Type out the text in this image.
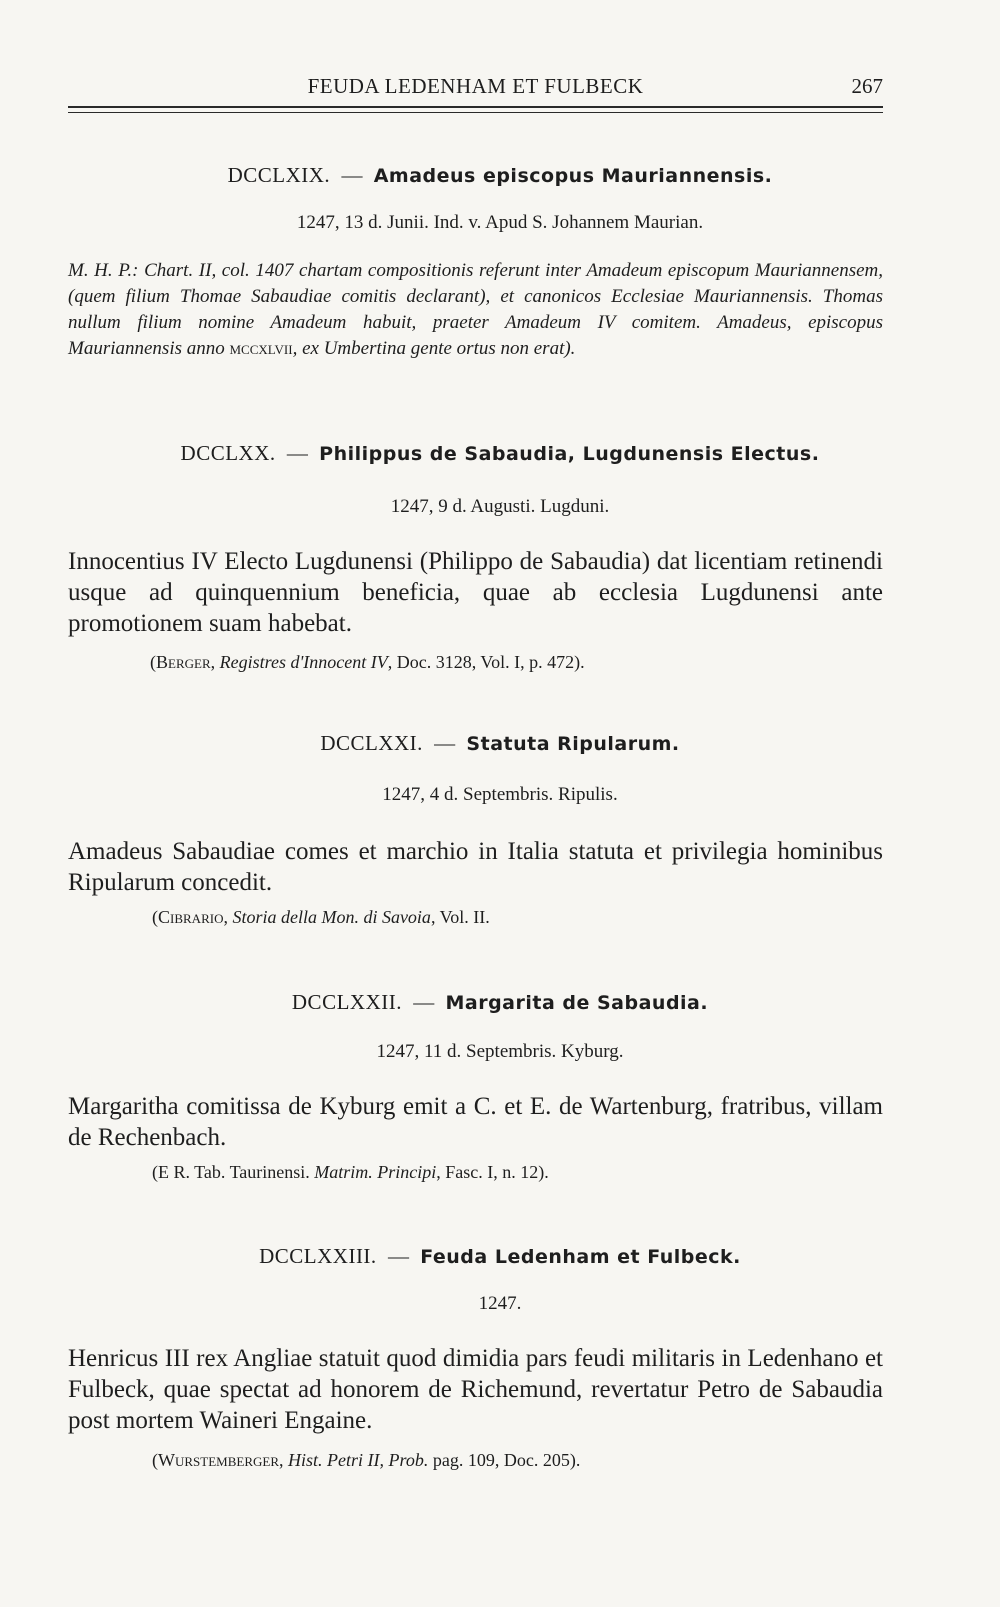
FEUDA LEDENHAM ET FULBECK	267
DCCLXIX. — Amadeus episcopus Mauriannensis.
1247, 13 d. Junii. Ind. v. Apud S. Johannem Maurian.
M. H. P.: Chart. II, col. 1407 chartam compositionis referunt inter Amadeum episcopum Mauriannensem, (quem filium Thomae Sabaudiae comitis declarant), et canonicos Ecclesiae Mauriannensis. Thomas nullum filium nomine Amadeum habuit, praeter Amadeum IV comitem. Amadeus, episcopus Mauriannensis anno mccxlvii, ex Umbertina gente ortus non erat).
DCCLXX. — Philippus de Sabaudia, Lugdunensis Electus.
1247, 9 d. Augusti. Lugduni.
Innocentius IV Electo Lugdunensi (Philippo de Sabaudia) dat licentiam retinendi usque ad quinquennium beneficia, quae ab ecclesia Lugdunensi ante promotionem suam habebat.
(Berger, Registres d'Innocent IV, Doc. 3128, Vol. I, p. 472).
DCCLXXI. — Statuta Ripularum.
1247, 4 d. Septembris. Ripulis.
Amadeus Sabaudiae comes et marchio in Italia statuta et privilegia hominibus Ripularum concedit.
(Cibrario, Storia della Mon. di Savoia, Vol. II.
DCCLXXII. — Margarita de Sabaudia.
1247, 11 d. Septembris. Kyburg.
Margaritha comitissa de Kyburg emit a C. et E. de Wartenburg, fratribus, villam de Rechenbach.
(E R. Tab. Taurinensi. Matrim. Principi, Fasc. I, n. 12).
DCCLXXIII. — Feuda Ledenham et Fulbeck.
1247.
Henricus III rex Angliae statuit quod dimidia pars feudi militaris in Ledenhano et Fulbeck, quae spectat ad honorem de Richemund, revertatur Petro de Sabaudia post mortem Waineri Engaine.
(Wurstemberger, Hist. Petri II, Prob. pag. 109, Doc. 205).
